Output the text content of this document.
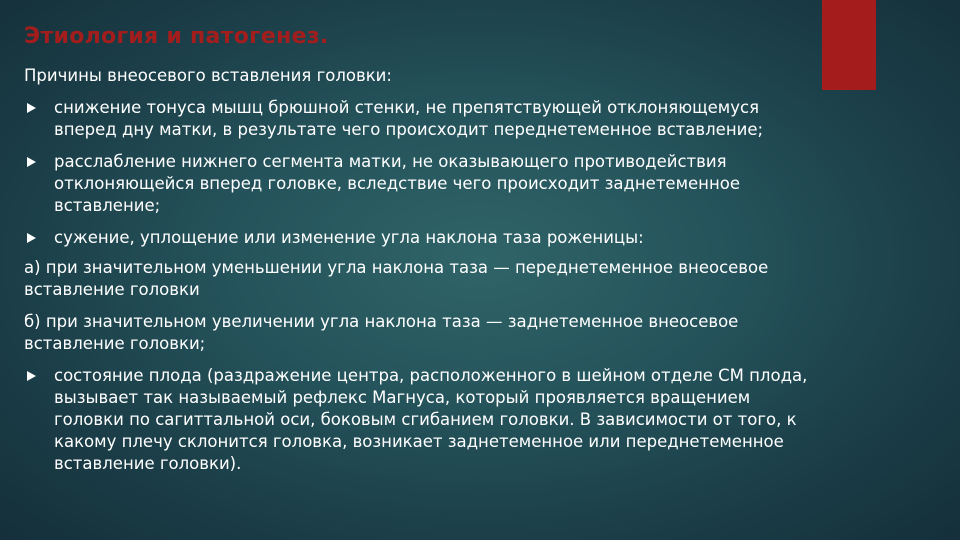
Этиология и патогенез.

Причины внеосевого вставления головки:

снижение тонуса мышц брюшной стенки, не препятствующей отклоняющемуся вперед дну матки, в результате чего происходит переднетеменное вставление;
расслабление нижнего сегмента матки, не оказывающего противодействия отклоняющейся вперед головке, вследствие чего происходит заднетеменное вставление;
сужение, уплощение или изменение угла наклона таза роженицы:

а) при значительном уменьшении угла наклона таза — переднетеменное внеосевое вставление головки

б) при значительном увеличении угла наклона таза — заднетеменное внеосевое вставление головки;

состояние плода (раздражение центра, расположенного в шейном отделе СМ плода, вызывает так называемый рефлекс Магнуса, который проявляется вращением головки по сагиттальной оси, боковым сгибанием головки. В зависимости от того, к какому плечу склонится головка, возникает заднетеменное или переднетеменное вставление головки).
